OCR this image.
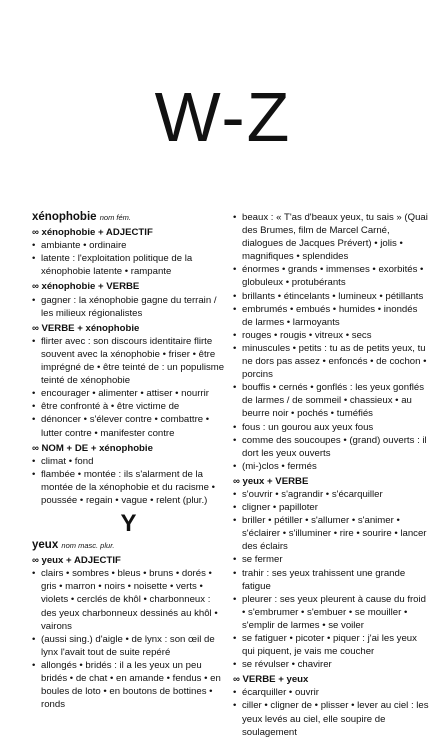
W-Z
xénophobie nom fém.
∞ xénophobie + ADJECTIF
• ambiante • ordinaire
• latente : l'exploitation politique de la xénophobie latente • rampante
∞ xénophobie + VERBE
• gagner : la xénophobie gagne du terrain / les milieux régionalistes
∞ VERBE + xénophobie
• flirter avec : son discours identitaire flirte souvent avec la xénophobie • friser • être imprégné de • être teinté de : un populisme teinté de xénophobie
• encourager • alimenter • attiser • nourrir
• être confronté à • être victime de
• dénoncer • s'élever contre • combattre • lutter contre • manifester contre
∞ NOM + DE + xénophobie
• climat • fond
• flambée • montée : ils s'alarment de la montée de la xénophobie et du racisme • poussée • regain • vague • relent (plur.)
Y
yeux nom masc. plur.
∞ yeux + ADJECTIF
• clairs • sombres • bleus • bruns • dorés • gris • marron • noirs • noisette • verts • violets • cerclés de khôl • charbonneux : des yeux charbonneux dessinés au khôl • vairons
• (aussi sing.) d'aigle • de lynx : son œil de lynx l'avait tout de suite repéré
• allongés • bridés : il a les yeux un peu bridés • de chat • en amande • fendus • en boules de loto • en boutons de bottines • ronds
• beaux : « T'as d'beaux yeux, tu sais » (Quai des Brumes, film de Marcel Carné, dialogues de Jacques Prévert) • jolis • magnifiques • splendides
• énormes • grands • immenses • exorbités • globuleux • protubérants
• brillants • étincelants • lumineux • pétillants
• embrumés • embués • humides • inondés de larmes • larmoyants
• rouges • rougis • vitreux • secs
• minuscules • petits : tu as de petits yeux, tu ne dors pas assez • enfoncés • de cochon • porcins
• bouffis • cernés • gonflés : les yeux gonflés de larmes / de sommeil • chassieux • au beurre noir • pochés • tuméfiés
• fous : un gourou aux yeux fous
• comme des soucoupes • (grand) ouverts : il dort les yeux ouverts
• (mi-)clos • fermés
∞ yeux + VERBE
• s'ouvrir • s'agrandir • s'écarquiller
• cligner • papilloter
• briller • pétiller • s'allumer • s'animer • s'éclairer • s'illuminer • rire • sourire • lancer des éclairs
• se fermer
• trahir : ses yeux trahissent une grande fatigue
• pleurer : ses yeux pleurent à cause du froid • s'embrumer • s'embuer • se mouiller • s'emplir de larmes • se voiler
• se fatiguer • picoter • piquer : j'ai les yeux qui piquent, je vais me coucher
• se révulser • chavirer
∞ VERBE + yeux
• écarquiller • ouvrir
• ciller • cligner de • plisser • lever au ciel : les yeux levés au ciel, elle soupire de soulagement
